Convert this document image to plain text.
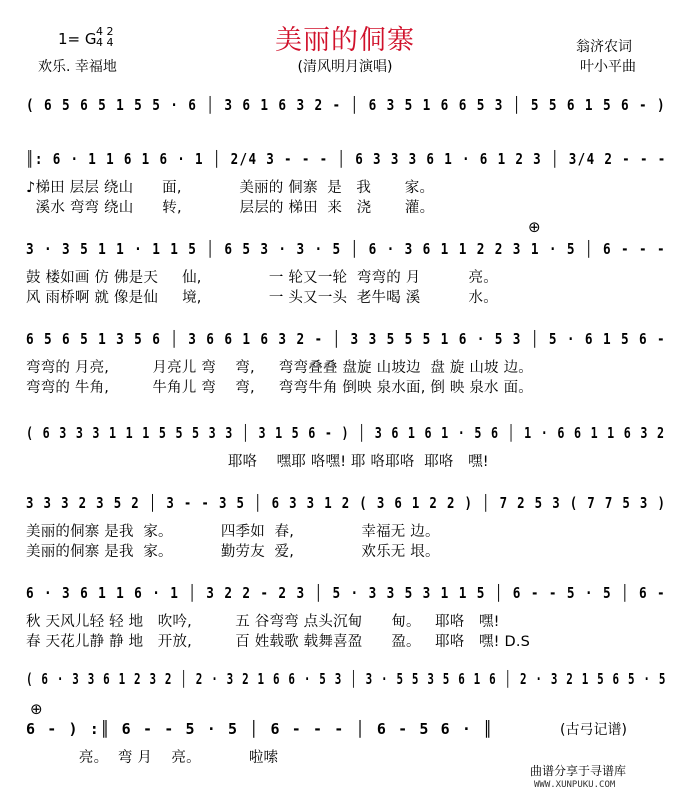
美丽的侗寨
1= G 4 2
4 4
欢乐. 幸福地
翁济农词
(清风明月演唱)	叶小平曲
( 6 5 6 5 1 5 5 · 6 │ 3 6 1 6 3 2 - │ 6 3 5 1 6 6 5 3 │ 5 5 6 1 5 6 - )
║: 6 · 1 1 6 1 6 · 1 │ 2/4 3 - - - │ 6 3 3 3 6 1 · 6 1 2 3 │ 3/4 2 - - -
♪梯田 层层 绕山      面,            美丽的 侗寨  是   我       家。
溪水 弯弯 绕山      转,            层层的 梯田  来   浇       灌。
⊕
3 · 3 5 1 1 · 1 1 5 │ 6 5 3 · 3 · 5 │ 6 · 3 6 1 1 2 2 3 1 · 5 │ 6 - - -
鼓 楼如画 仿 佛是天     仙,              一 轮又一轮  弯弯的 月          亮。
风 雨桥啊 就 像是仙     境,              一 头又一头  老牛喝 溪          水。
6 5 6 5 1 3 5 6 │ 3 6 6 1 6 3 2 - │ 3 3 5 5 5 1 6 · 5 3 │ 5 · 6 1 5 6 -
弯弯的 月亮,         月亮儿 弯    弯,     弯弯叠叠 盘旋 山坡边  盘 旋 山坡 边。
弯弯的 牛角,         牛角儿 弯    弯,     弯弯牛角 倒映 泉水面, 倒 映 泉水 面。
( 6 3 3 3 1 1 1 5 5 5 3 3 │ 3 1 5 6 - ) │ 3 6 1 6 1 · 5 6 │ 1 · 6 6 1 1 6 3 2
耶咯    嘿耶 咯嘿! 耶 咯耶咯  耶咯   嘿!
3 3 3 2 3 5 2 │ 3 - - 3 5 │ 6 3 3 1 2 ( 3 6 1 2 2 ) │ 7 2 5 3 ( 7 7 5 3 )
美丽的侗寨 是我  家。          四季如  春,              幸福无 边。
美丽的侗寨 是我  家。          勤劳友  爱,              欢乐无 垠。
6 · 3 6 1 1 6 · 1 │ 3 2 2 - 2 3 │ 5 · 3 3 5 3 1 1 5 │ 6 - - 5 · 5 │ 6 -
秋 天风儿轻 轻 地   吹吟,         五 谷弯弯 点头沉甸      甸。   耶咯   嘿!
春 天花儿静 静 地   开放,         百 姓载歌 载舞喜盈      盈。   耶咯   嘿! D.S
( 6 · 3 3 6 1 2 3 2 │ 2 · 3 2 1 6 6 · 5 3 │ 3 · 5 5 3 5 6 1 6 │ 2 · 3 2 1 5 6 5 · 5
⊕
6 - ) :║ 6 - - 5 · 5 │ 6 - - - │ 6 - 5 6 · ║
亮。  弯 月    亮。          啦嗦
(古弓记谱)
曲谱分享于寻谱库
WWW.XUNPUKU.COM
